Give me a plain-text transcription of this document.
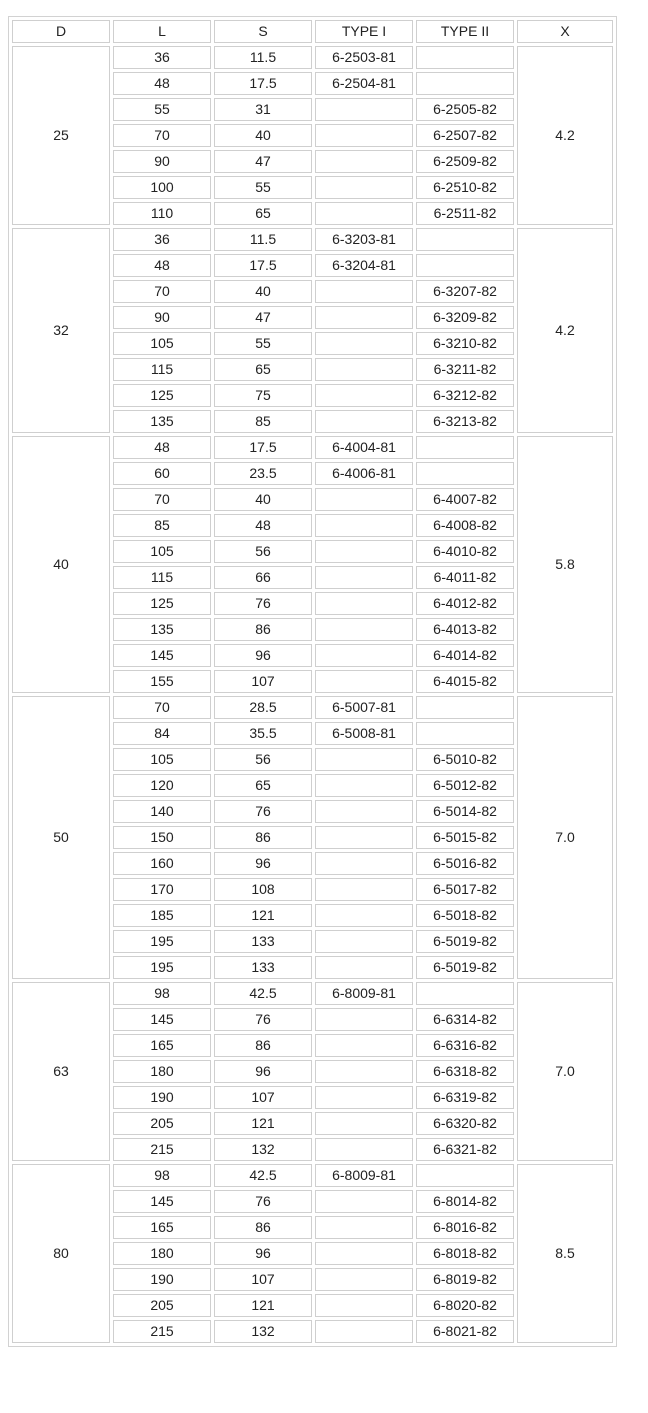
D	L	S	TYPE I	TYPE II	X
25	36	11.5	6-2503-81		4.2
	48	17.5	6-2504-81		
	55	31		6-2505-82	
	70	40		6-2507-82	
	90	47		6-2509-82	
	100	55		6-2510-82	
	110	65		6-2511-82	
32	36	11.5	6-3203-81		4.2
	48	17.5	6-3204-81		
	70	40		6-3207-82	
	90	47		6-3209-82	
	105	55		6-3210-82	
	115	65		6-3211-82	
	125	75		6-3212-82	
	135	85		6-3213-82	
40	48	17.5	6-4004-81		5.8
	60	23.5	6-4006-81		
	70	40		6-4007-82	
	85	48		6-4008-82	
	105	56		6-4010-82	
	115	66		6-4011-82	
	125	76		6-4012-82	
	135	86		6-4013-82	
	145	96		6-4014-82	
	155	107		6-4015-82	
50	70	28.5	6-5007-81		7.0
	84	35.5	6-5008-81		
	105	56		6-5010-82	
	120	65		6-5012-82	
	140	76		6-5014-82	
	150	86		6-5015-82	
	160	96		6-5016-82	
	170	108		6-5017-82	
	185	121		6-5018-82	
	195	133		6-5019-82	
	195	133		6-5019-82	
63	98	42.5	6-8009-81		7.0
	145	76		6-6314-82	
	165	86		6-6316-82	
	180	96		6-6318-82	
	190	107		6-6319-82	
	205	121		6-6320-82	
	215	132		6-6321-82	
80	98	42.5	6-8009-81		8.5
	145	76		6-8014-82	
	165	86		6-8016-82	
	180	96		6-8018-82	
	190	107		6-8019-82	
	205	121		6-8020-82	
	215	132		6-8021-82	
